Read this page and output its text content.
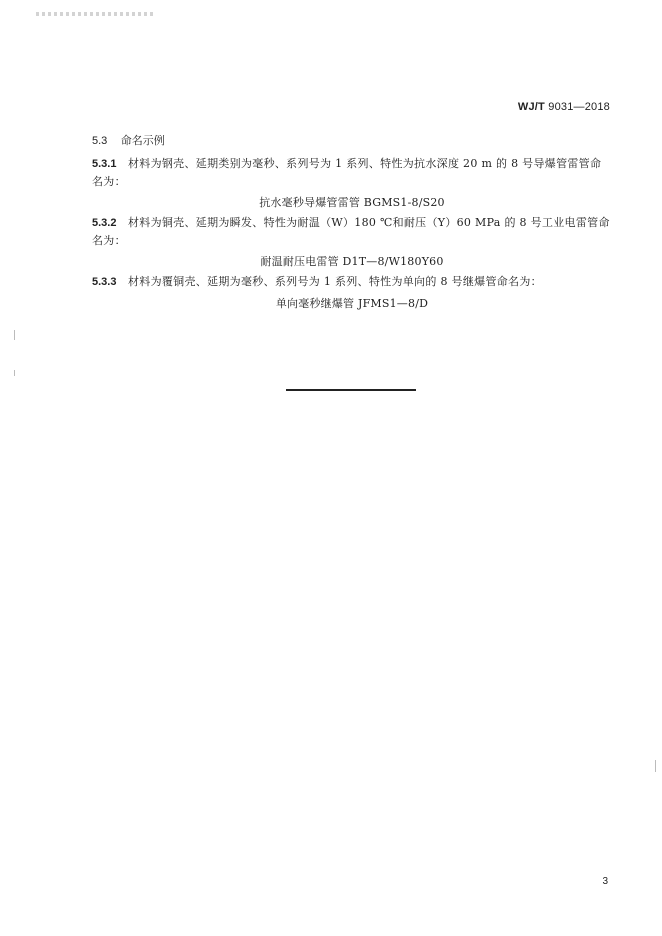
WJ/T 9031—2018

5.3 命名示例

5.3.1 材料为钢壳、延期类别为毫秒、系列号为 1 系列、特性为抗水深度 20 m 的 8 号导爆管雷管命名为：

抗水毫秒导爆管雷管 BGMS1-8/S20

5.3.2 材料为铜壳、延期为瞬发、特性为耐温（W）180 ℃和耐压（Y）60 MPa 的 8 号工业电雷管命名为：

耐温耐压电雷管 D1T—8/W180Y60

5.3.3 材料为覆铜壳、延期为毫秒、系列号为 1 系列、特性为单向的 8 号继爆管命名为：

单向毫秒继爆管 JFMS1—8/D

3
